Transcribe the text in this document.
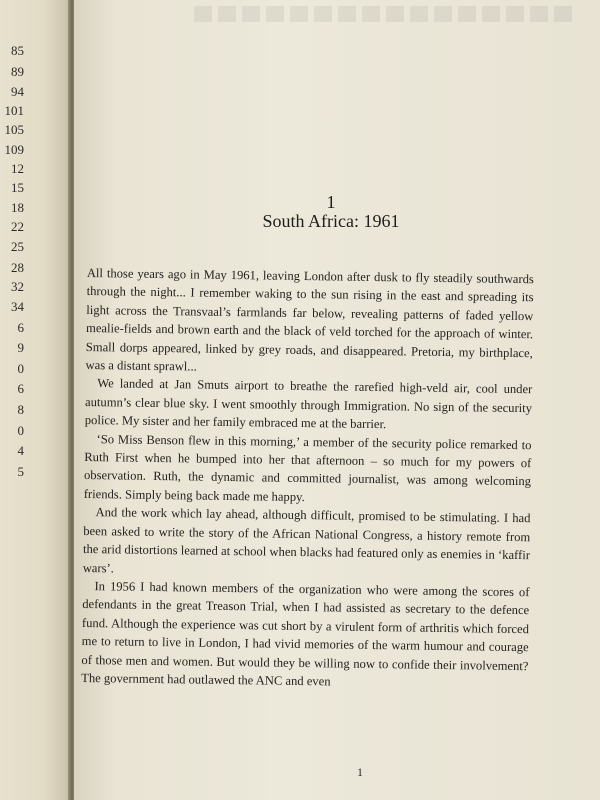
85
89
94
101
105
109
12
15
18
22
25
28
32
34
6
9
0
6
8
0
4
5
1
South Africa: 1961

All those years ago in May 1961, leaving London after dusk to fly steadily southwards through the night... I remember waking to the sun rising in the east and spreading its light across the Transvaal’s farmlands far below, revealing patterns of faded yellow mealie-fields and brown earth and the black of veld torched for the approach of winter. Small dorps appeared, linked by grey roads, and disappeared. Pretoria, my birthplace, was a distant sprawl...

We landed at Jan Smuts airport to breathe the rarefied high-veld air, cool under autumn’s clear blue sky. I went smoothly through Immigration. No sign of the security police. My sister and her family embraced me at the barrier.

‘So Miss Benson flew in this morning,’ a member of the security police remarked to Ruth First when he bumped into her that afternoon – so much for my powers of observation. Ruth, the dynamic and committed journalist, was among welcoming friends. Simply being back made me happy.

And the work which lay ahead, although difficult, promised to be stimulating. I had been asked to write the story of the African National Congress, a history remote from the arid distortions learned at school when blacks had featured only as enemies in ‘kaffir wars’.

In 1956 I had known members of the organization who were among the scores of defendants in the great Treason Trial, when I had assisted as secretary to the defence fund. Although the experience was cut short by a virulent form of arthritis which forced me to return to live in London, I had vivid memories of the warm humour and courage of those men and women. But would they be willing now to confide their involvement? The government had outlawed the ANC and even

1
